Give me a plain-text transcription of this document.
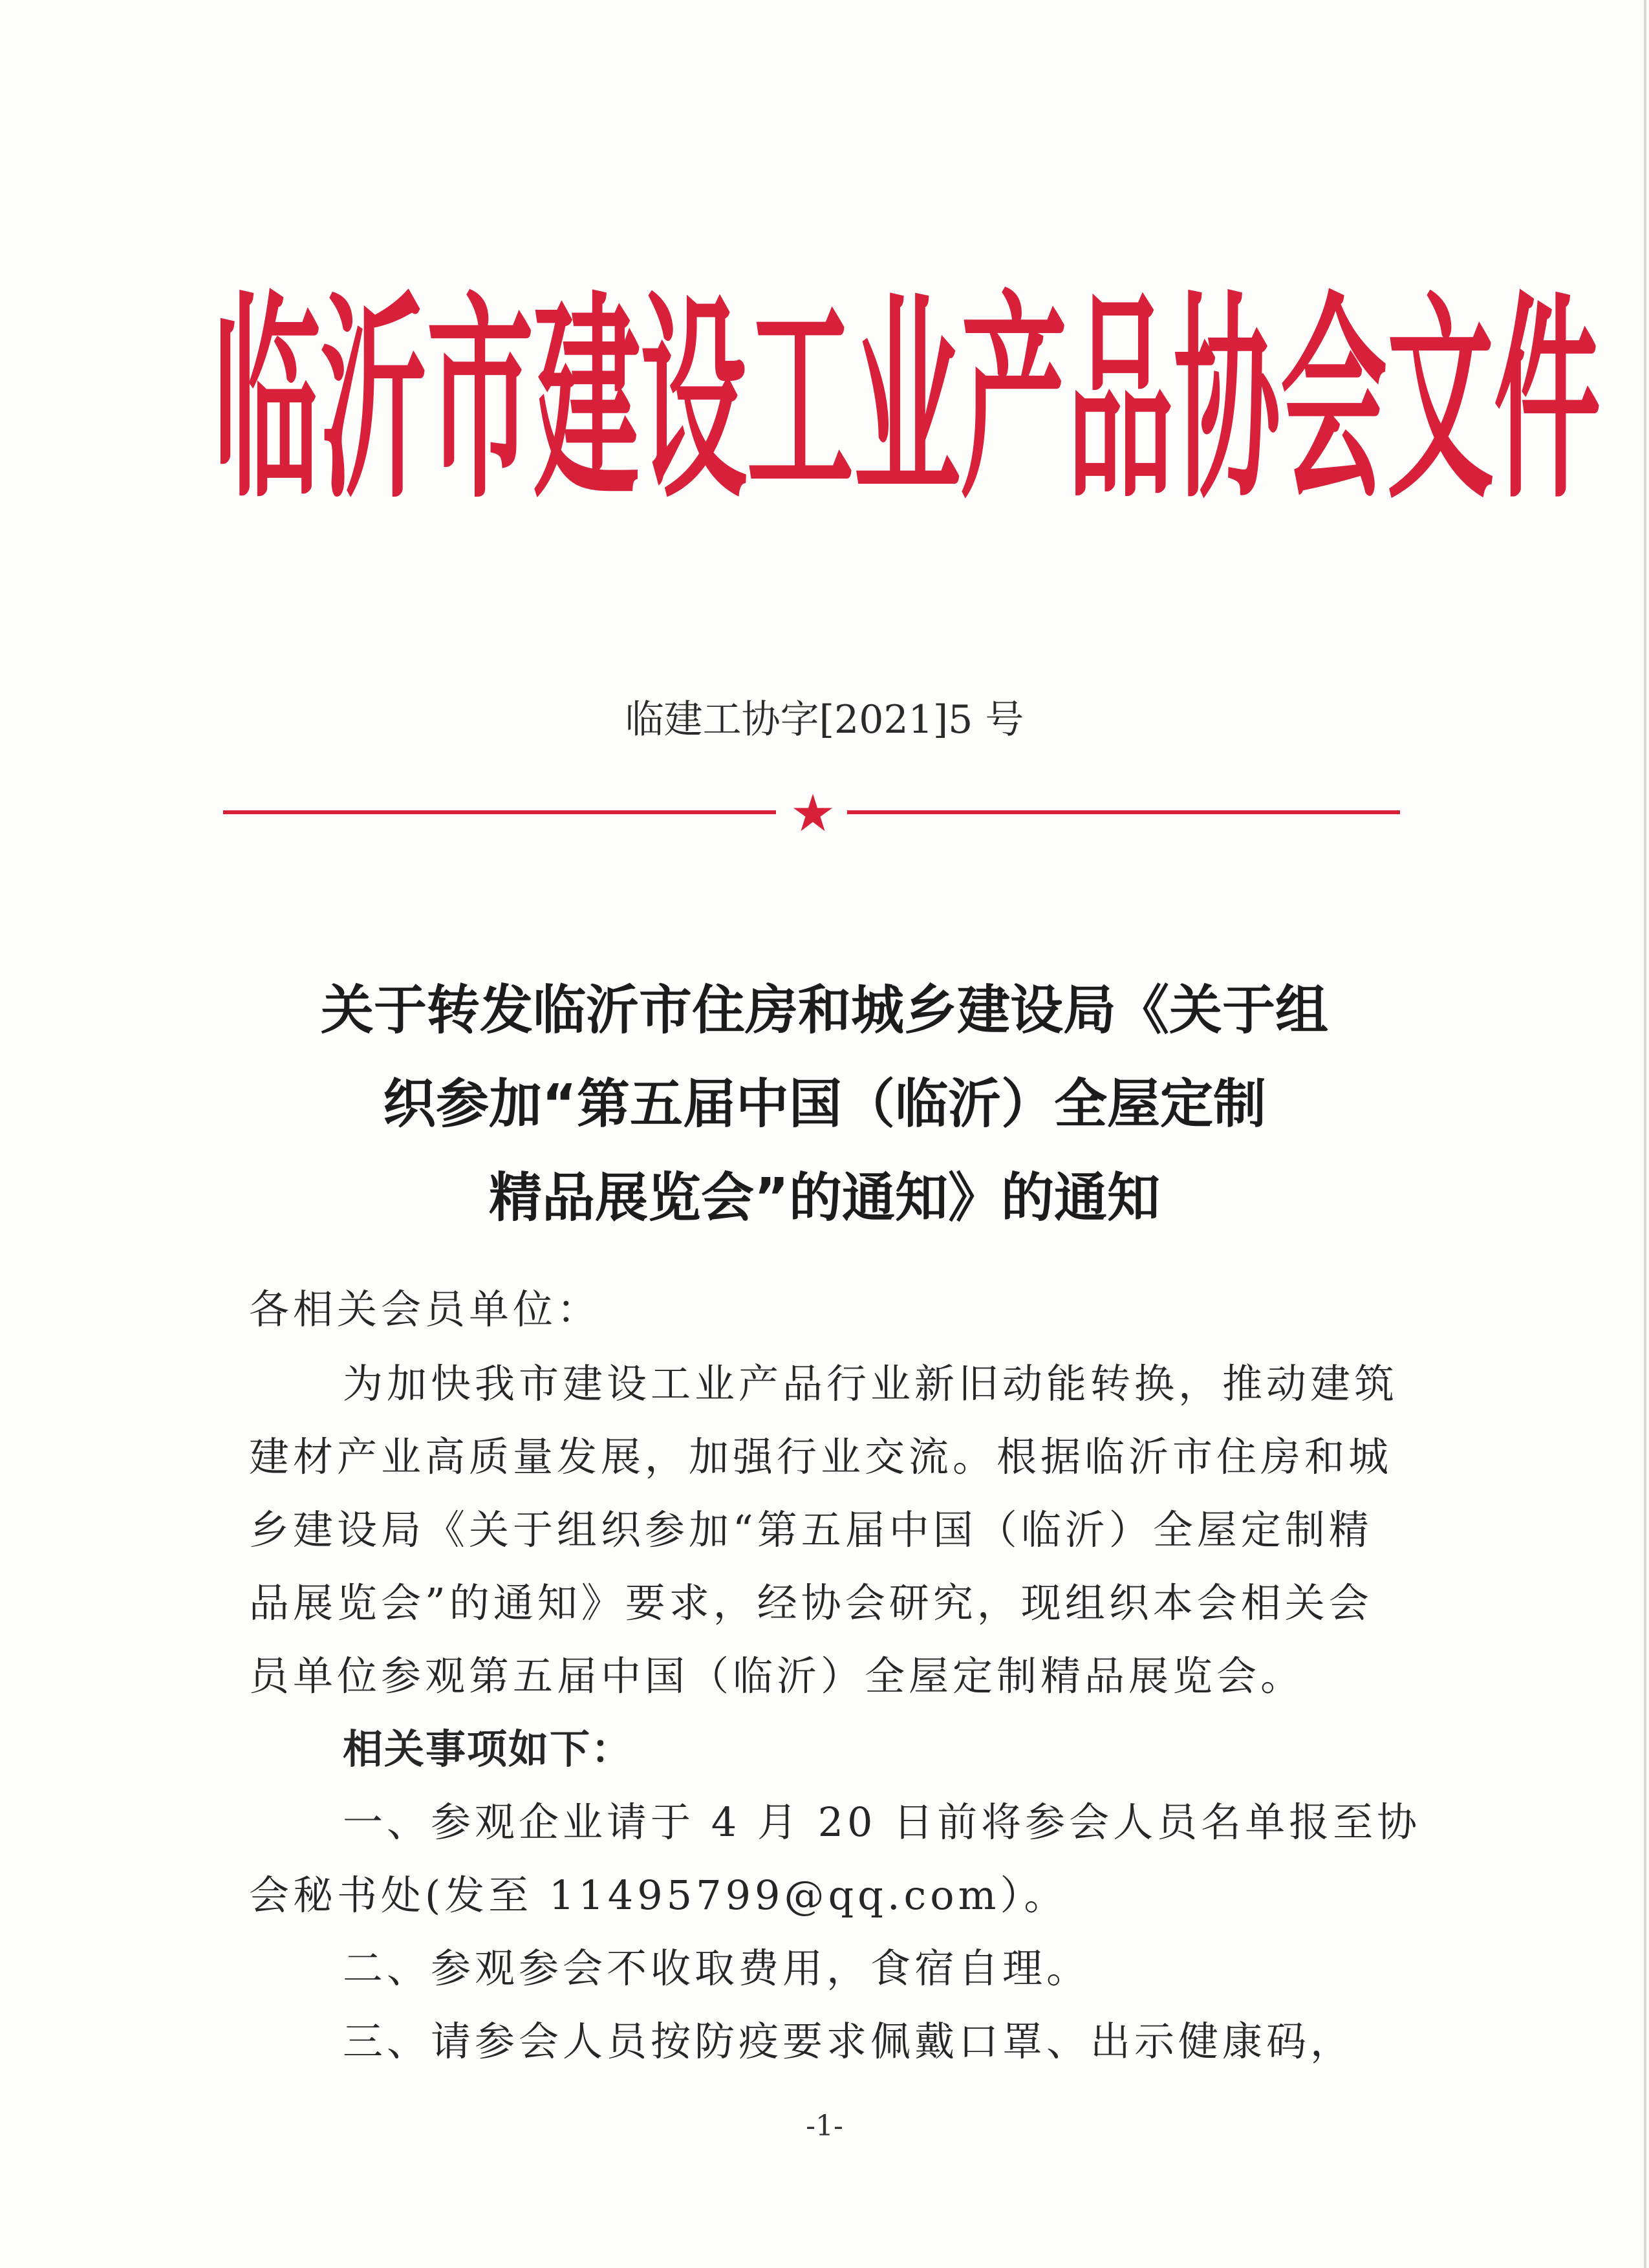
临 沂 市 建 设 工 业 产 品 协 会 文 件
临建工协字[2021]5 号
关于转发临沂市住房和城乡建设局《关于组
织参加“第五届中国（临沂）全屋定制
精品展览会”的通知》的通知
各相关会员单位：
为加快我市建设工业产品行业新旧动能转换，推动建筑
建材产业高质量发展，加强行业交流。根据临沂市住房和城
乡建设局《关于组织参加“第五届中国（临沂）全屋定制精
品展览会”的通知》要求，经协会研究，现组织本会相关会
员单位参观第五届中国（临沂）全屋定制精品展览会。
相关事项如下：
一、参观企业请于 4 月 20 日前将参会人员名单报至协
会秘书处(发至 11495799@qq.com）。
二、参观参会不收取费用，食宿自理。
三、请参会人员按防疫要求佩戴口罩、出示健康码，
-1-
